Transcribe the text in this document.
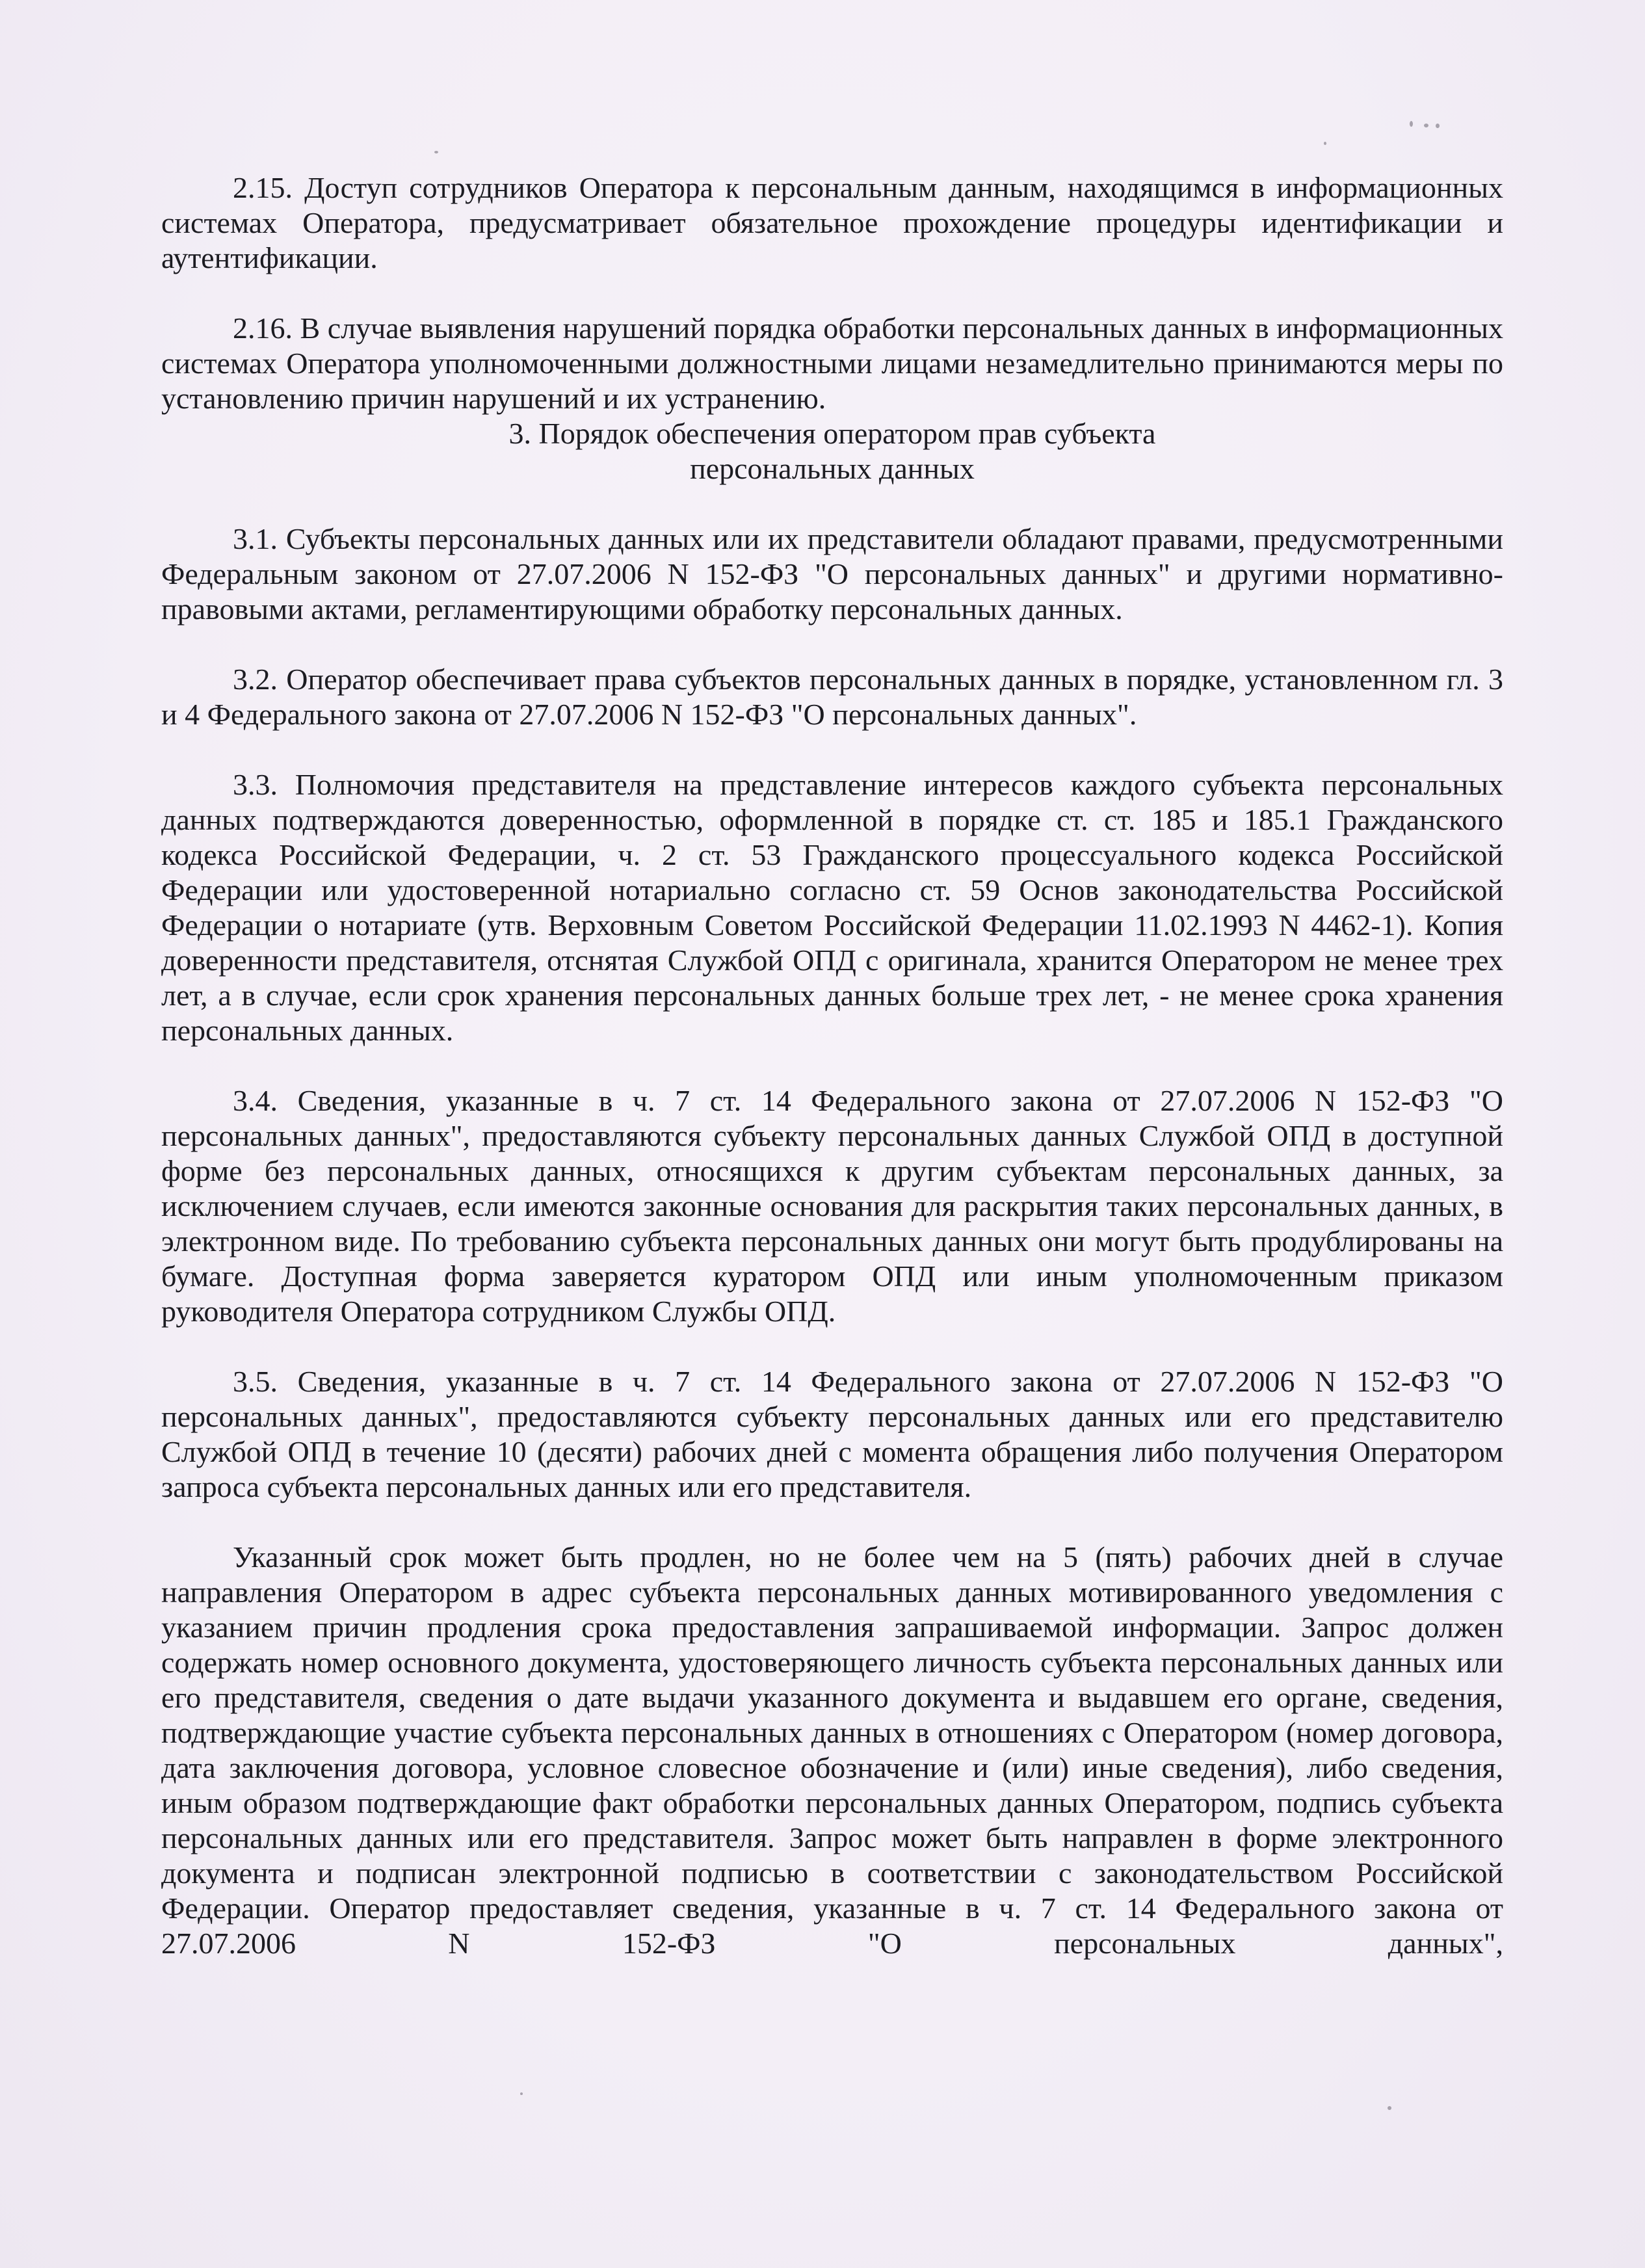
2.15. Доступ сотрудников Оператора к персональным данным, находящимся в информационных системах Оператора, предусматривает обязательное прохождение процедуры идентификации и аутентификации.

2.16. В случае выявления нарушений порядка обработки персональных данных в информационных системах Оператора уполномоченными должностными лицами незамедлительно принимаются меры по установлению причин нарушений и их устранению.

3. Порядок обеспечения оператором прав субъекта
персональных данных

3.1. Субъекты персональных данных или их представители обладают правами, предусмотренными Федеральным законом от 27.07.2006 N 152-ФЗ "О персональных данных" и другими нормативно-правовыми актами, регламентирующими обработку персональных данных.

3.2. Оператор обеспечивает права субъектов персональных данных в порядке, установленном гл. 3 и 4 Федерального закона от 27.07.2006 N 152-ФЗ "О персональных данных".

3.3. Полномочия представителя на представление интересов каждого субъекта персональных данных подтверждаются доверенностью, оформленной в порядке ст. ст. 185 и 185.1 Гражданского кодекса Российской Федерации, ч. 2 ст. 53 Гражданского процессуального кодекса Российской Федерации или удостоверенной нотариально согласно ст. 59 Основ законодательства Российской Федерации о нотариате (утв. Верховным Советом Российской Федерации 11.02.1993 N 4462-1). Копия доверенности представителя, отснятая Службой ОПД с оригинала, хранится Оператором не менее трех лет, а в случае, если срок хранения персональных данных больше трех лет, - не менее срока хранения персональных данных.

3.4. Сведения, указанные в ч. 7 ст. 14 Федерального закона от 27.07.2006 N 152-ФЗ "О персональных данных", предоставляются субъекту персональных данных Службой ОПД в доступной форме без персональных данных, относящихся к другим субъектам персональных данных, за исключением случаев, если имеются законные основания для раскрытия таких персональных данных, в электронном виде. По требованию субъекта персональных данных они могут быть продублированы на бумаге. Доступная форма заверяется куратором ОПД или иным уполномоченным приказом руководителя Оператора сотрудником Службы ОПД.

3.5. Сведения, указанные в ч. 7 ст. 14 Федерального закона от 27.07.2006 N 152-ФЗ "О персональных данных", предоставляются субъекту персональных данных или его представителю Службой ОПД в течение 10 (десяти) рабочих дней с момента обращения либо получения Оператором запроса субъекта персональных данных или его представителя.

Указанный срок может быть продлен, но не более чем на 5 (пять) рабочих дней в случае направления Оператором в адрес субъекта персональных данных мотивированного уведомления с указанием причин продления срока предоставления запрашиваемой информации. Запрос должен содержать номер основного документа, удостоверяющего личность субъекта персональных данных или его представителя, сведения о дате выдачи указанного документа и выдавшем его органе, сведения, подтверждающие участие субъекта персональных данных в отношениях с Оператором (номер договора, дата заключения договора, условное словесное обозначение и (или) иные сведения), либо сведения, иным образом подтверждающие факт обработки персональных данных Оператором, подпись субъекта персональных данных или его представителя. Запрос может быть направлен в форме электронного документа и подписан электронной подписью в соответствии с законодательством Российской Федерации. Оператор предоставляет сведения, указанные в ч. 7 ст. 14 Федерального закона от 27.07.2006 N 152-ФЗ "О персональных данных",
